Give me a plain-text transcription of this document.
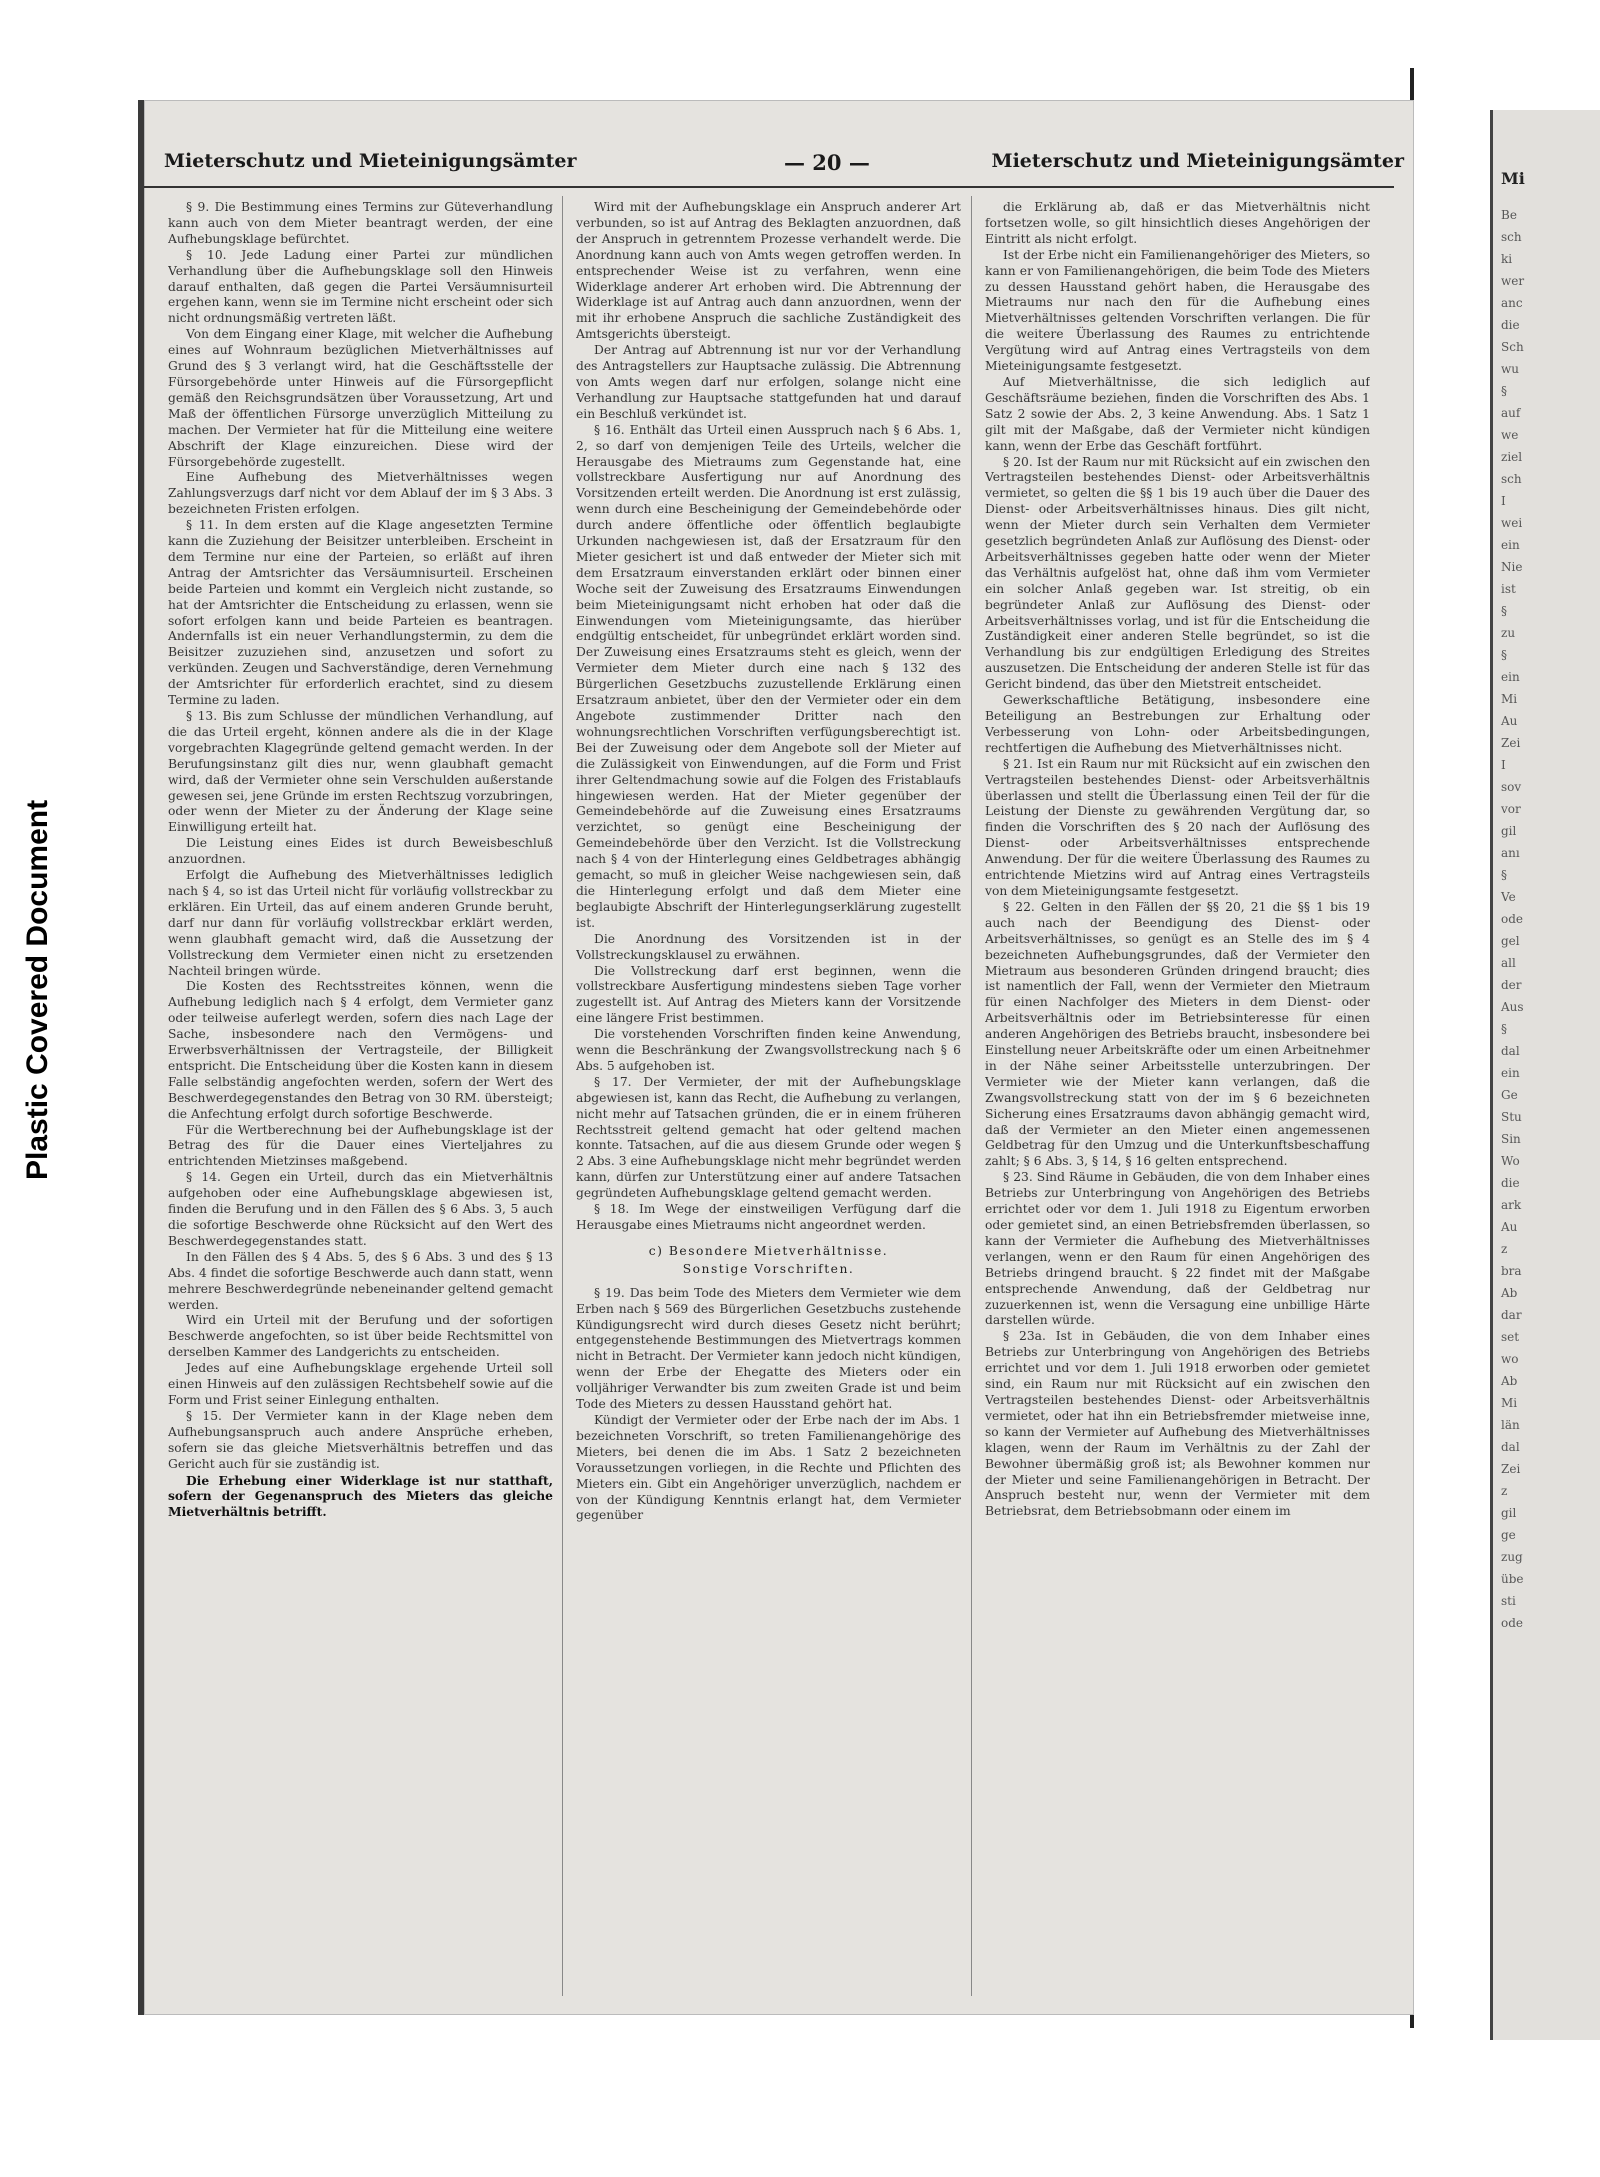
Plastic Covered Document
Mi
Be
sch
ki
wer
anc
die
Sch
wu
§
auf
we
ziel
sch
I
wei
ein
Nie
ist
§
zu
§
ein
Mi
Au
Zei
I
sov
vor
gil
anı
§
Ve
ode
gel
all
der
Aus
§
dal
ein
Ge
Stu
Sin
Wo
die
ark
Au
z
bra
Ab
dar
set
wo
Ab
Mi
län
dal
Zei
z
gil
ge
zug
übe
sti
ode
Mieterschutz und Mieteinigungsämter	— 20 —	Mieterschutz und Mieteinigungsämter

§ 9. Die Bestimmung eines Termins zur Güteverhandlung kann auch von dem Mieter beantragt werden, der eine Aufhebungsklage befürchtet.

§ 10. Jede Ladung einer Partei zur mündlichen Verhandlung über die Aufhebungsklage soll den Hinweis darauf enthalten, daß gegen die Partei Versäumnisurteil ergehen kann, wenn sie im Termine nicht erscheint oder sich nicht ordnungsmäßig vertreten läßt.

Von dem Eingang einer Klage, mit welcher die Aufhebung eines auf Wohnraum bezüglichen Mietverhältnisses auf Grund des § 3 verlangt wird, hat die Geschäftsstelle der Fürsorgebehörde unter Hinweis auf die Fürsorgepflicht gemäß den Reichsgrundsätzen über Voraussetzung, Art und Maß der öffentlichen Fürsorge unverzüglich Mitteilung zu machen. Der Vermieter hat für die Mitteilung eine weitere Abschrift der Klage einzureichen. Diese wird der Fürsorgebehörde zugestellt.

Eine Aufhebung des Mietverhältnisses wegen Zahlungsverzugs darf nicht vor dem Ablauf der im § 3 Abs. 3 bezeichneten Fristen erfolgen.

§ 11. In dem ersten auf die Klage angesetzten Termine kann die Zuziehung der Beisitzer unterbleiben. Erscheint in dem Termine nur eine der Parteien, so erläßt auf ihren Antrag der Amtsrichter das Versäumnisurteil. Erscheinen beide Parteien und kommt ein Vergleich nicht zustande, so hat der Amtsrichter die Entscheidung zu erlassen, wenn sie sofort erfolgen kann und beide Parteien es beantragen. Andernfalls ist ein neuer Verhandlungstermin, zu dem die Beisitzer zuzuziehen sind, anzusetzen und sofort zu verkünden. Zeugen und Sachverständige, deren Vernehmung der Amtsrichter für erforderlich erachtet, sind zu diesem Termine zu laden.

§ 13. Bis zum Schlusse der mündlichen Verhandlung, auf die das Urteil ergeht, können andere als die in der Klage vorgebrachten Klagegründe geltend gemacht werden. In der Berufungsinstanz gilt dies nur, wenn glaubhaft gemacht wird, daß der Vermieter ohne sein Verschulden außerstande gewesen sei, jene Gründe im ersten Rechtszug vorzubringen, oder wenn der Mieter zu der Änderung der Klage seine Einwilligung erteilt hat.

Die Leistung eines Eides ist durch Beweisbeschluß anzuordnen.

Erfolgt die Aufhebung des Mietverhältnisses lediglich nach § 4, so ist das Urteil nicht für vorläufig vollstreckbar zu erklären. Ein Urteil, das auf einem anderen Grunde beruht, darf nur dann für vorläufig vollstreckbar erklärt werden, wenn glaubhaft gemacht wird, daß die Aussetzung der Vollstreckung dem Vermieter einen nicht zu ersetzenden Nachteil bringen würde.

Die Kosten des Rechtsstreites können, wenn die Aufhebung lediglich nach § 4 erfolgt, dem Vermieter ganz oder teilweise auferlegt werden, sofern dies nach Lage der Sache, insbesondere nach den Vermögens- und Erwerbsverhältnissen der Vertragsteile, der Billigkeit entspricht. Die Entscheidung über die Kosten kann in diesem Falle selbständig angefochten werden, sofern der Wert des Beschwerdegegenstandes den Betrag von 30 RM. übersteigt; die Anfechtung erfolgt durch sofortige Beschwerde.

Für die Wertberechnung bei der Aufhebungsklage ist der Betrag des für die Dauer eines Vierteljahres zu entrichtenden Mietzinses maßgebend.

§ 14. Gegen ein Urteil, durch das ein Mietverhältnis aufgehoben oder eine Aufhebungsklage abgewiesen ist, finden die Berufung und in den Fällen des § 6 Abs. 3, 5 auch die sofortige Beschwerde ohne Rücksicht auf den Wert des Beschwerdegegenstandes statt.

In den Fällen des § 4 Abs. 5, des § 6 Abs. 3 und des § 13 Abs. 4 findet die sofortige Beschwerde auch dann statt, wenn mehrere Beschwerdegründe nebeneinander geltend gemacht werden.

Wird ein Urteil mit der Berufung und der sofortigen Beschwerde angefochten, so ist über beide Rechtsmittel von derselben Kammer des Landgerichts zu entscheiden.

Jedes auf eine Aufhebungsklage ergehende Urteil soll einen Hinweis auf den zulässigen Rechtsbehelf sowie auf die Form und Frist seiner Einlegung enthalten.

§ 15. Der Vermieter kann in der Klage neben dem Aufhebungsanspruch auch andere Ansprüche erheben, sofern sie das gleiche Mietsverhältnis betreffen und das Gericht auch für sie zuständig ist.

Die Erhebung einer Widerklage ist nur statthaft, sofern der Gegenanspruch des Mieters das gleiche Mietverhältnis betrifft.

Wird mit der Aufhebungsklage ein Anspruch anderer Art verbunden, so ist auf Antrag des Beklagten anzuordnen, daß der Anspruch in getrenntem Prozesse verhandelt werde. Die Anordnung kann auch von Amts wegen getroffen werden. In entsprechender Weise ist zu verfahren, wenn eine Widerklage anderer Art erhoben wird. Die Abtrennung der Widerklage ist auf Antrag auch dann anzuordnen, wenn der mit ihr erhobene Anspruch die sachliche Zuständigkeit des Amtsgerichts übersteigt.

Der Antrag auf Abtrennung ist nur vor der Verhandlung des Antragstellers zur Hauptsache zulässig. Die Abtrennung von Amts wegen darf nur erfolgen, solange nicht eine Verhandlung zur Hauptsache stattgefunden hat und darauf ein Beschluß verkündet ist.

§ 16. Enthält das Urteil einen Ausspruch nach § 6 Abs. 1, 2, so darf von demjenigen Teile des Urteils, welcher die Herausgabe des Mietraums zum Gegenstande hat, eine vollstreckbare Ausfertigung nur auf Anordnung des Vorsitzenden erteilt werden. Die Anordnung ist erst zulässig, wenn durch eine Bescheinigung der Gemeindebehörde oder durch andere öffentliche oder öffentlich beglaubigte Urkunden nachgewiesen ist, daß der Ersatzraum für den Mieter gesichert ist und daß entweder der Mieter sich mit dem Ersatzraum einverstanden erklärt oder binnen einer Woche seit der Zuweisung des Ersatzraums Einwendungen beim Mieteinigungsamt nicht erhoben hat oder daß die Einwendungen vom Mieteinigungsamte, das hierüber endgültig entscheidet, für unbegründet erklärt worden sind. Der Zuweisung eines Ersatzraums steht es gleich, wenn der Vermieter dem Mieter durch eine nach § 132 des Bürgerlichen Gesetzbuchs zuzustellende Erklärung einen Ersatzraum anbietet, über den der Vermieter oder ein dem Angebote zustimmender Dritter nach den wohnungsrechtlichen Vorschriften verfügungsberechtigt ist. Bei der Zuweisung oder dem Angebote soll der Mieter auf die Zulässigkeit von Einwendungen, auf die Form und Frist ihrer Geltendmachung sowie auf die Folgen des Fristablaufs hingewiesen werden. Hat der Mieter gegenüber der Gemeindebehörde auf die Zuweisung eines Ersatzraums verzichtet, so genügt eine Bescheinigung der Gemeindebehörde über den Verzicht. Ist die Vollstreckung nach § 4 von der Hinterlegung eines Geldbetrages abhängig gemacht, so muß in gleicher Weise nachgewiesen sein, daß die Hinterlegung erfolgt und daß dem Mieter eine beglaubigte Abschrift der Hinterlegungserklärung zugestellt ist.

Die Anordnung des Vorsitzenden ist in der Vollstreckungsklausel zu erwähnen.

Die Vollstreckung darf erst beginnen, wenn die vollstreckbare Ausfertigung mindestens sieben Tage vorher zugestellt ist. Auf Antrag des Mieters kann der Vorsitzende eine längere Frist bestimmen.

Die vorstehenden Vorschriften finden keine Anwendung, wenn die Beschränkung der Zwangsvollstreckung nach § 6 Abs. 5 aufgehoben ist.

§ 17. Der Vermieter, der mit der Aufhebungsklage abgewiesen ist, kann das Recht, die Aufhebung zu verlangen, nicht mehr auf Tatsachen gründen, die er in einem früheren Rechtsstreit geltend gemacht hat oder geltend machen konnte. Tatsachen, auf die aus diesem Grunde oder wegen § 2 Abs. 3 eine Aufhebungsklage nicht mehr begründet werden kann, dürfen zur Unterstützung einer auf andere Tatsachen gegründeten Aufhebungsklage geltend gemacht werden.

§ 18. Im Wege der einstweiligen Verfügung darf die Herausgabe eines Mietraums nicht angeordnet werden.

c) Besondere Mietverhältnisse.
Sonstige Vorschriften.

§ 19. Das beim Tode des Mieters dem Vermieter wie dem Erben nach § 569 des Bürgerlichen Gesetzbuchs zustehende Kündigungsrecht wird durch dieses Gesetz nicht berührt; entgegenstehende Bestimmungen des Mietvertrags kommen nicht in Betracht. Der Vermieter kann jedoch nicht kündigen, wenn der Erbe der Ehegatte des Mieters oder ein volljähriger Verwandter bis zum zweiten Grade ist und beim Tode des Mieters zu dessen Hausstand gehört hat.

Kündigt der Vermieter oder der Erbe nach der im Abs. 1 bezeichneten Vorschrift, so treten Familienangehörige des Mieters, bei denen die im Abs. 1 Satz 2 bezeichneten Voraussetzungen vorliegen, in die Rechte und Pflichten des Mieters ein. Gibt ein Angehöriger unverzüglich, nachdem er von der Kündigung Kenntnis erlangt hat, dem Vermieter gegenüber

die Erklärung ab, daß er das Mietverhältnis nicht fortsetzen wolle, so gilt hinsichtlich dieses Angehörigen der Eintritt als nicht erfolgt.

Ist der Erbe nicht ein Familienangehöriger des Mieters, so kann er von Familienangehörigen, die beim Tode des Mieters zu dessen Hausstand gehört haben, die Herausgabe des Mietraums nur nach den für die Aufhebung eines Mietverhältnisses geltenden Vorschriften verlangen. Die für die weitere Überlassung des Raumes zu entrichtende Vergütung wird auf Antrag eines Vertragsteils von dem Mieteinigungsamte festgesetzt.

Auf Mietverhältnisse, die sich lediglich auf Geschäftsräume beziehen, finden die Vorschriften des Abs. 1 Satz 2 sowie der Abs. 2, 3 keine Anwendung. Abs. 1 Satz 1 gilt mit der Maßgabe, daß der Vermieter nicht kündigen kann, wenn der Erbe das Geschäft fortführt.

§ 20. Ist der Raum nur mit Rücksicht auf ein zwischen den Vertragsteilen bestehendes Dienst- oder Arbeitsverhältnis vermietet, so gelten die §§ 1 bis 19 auch über die Dauer des Dienst- oder Arbeitsverhältnisses hinaus. Dies gilt nicht, wenn der Mieter durch sein Verhalten dem Vermieter gesetzlich begründeten Anlaß zur Auflösung des Dienst- oder Arbeitsverhältnisses gegeben hatte oder wenn der Mieter das Verhältnis aufgelöst hat, ohne daß ihm vom Vermieter ein solcher Anlaß gegeben war. Ist streitig, ob ein begründeter Anlaß zur Auflösung des Dienst- oder Arbeitsverhältnisses vorlag, und ist für die Entscheidung die Zuständigkeit einer anderen Stelle begründet, so ist die Verhandlung bis zur endgültigen Erledigung des Streites auszusetzen. Die Entscheidung der anderen Stelle ist für das Gericht bindend, das über den Mietstreit entscheidet.

Gewerkschaftliche Betätigung, insbesondere eine Beteiligung an Bestrebungen zur Erhaltung oder Verbesserung von Lohn- oder Arbeitsbedingungen, rechtfertigen die Aufhebung des Mietverhältnisses nicht.

§ 21. Ist ein Raum nur mit Rücksicht auf ein zwischen den Vertragsteilen bestehendes Dienst- oder Arbeitsverhältnis überlassen und stellt die Überlassung einen Teil der für die Leistung der Dienste zu gewährenden Vergütung dar, so finden die Vorschriften des § 20 nach der Auflösung des Dienst- oder Arbeitsverhältnisses entsprechende Anwendung. Der für die weitere Überlassung des Raumes zu entrichtende Mietzins wird auf Antrag eines Vertragsteils von dem Mieteinigungsamte festgesetzt.

§ 22. Gelten in den Fällen der §§ 20, 21 die §§ 1 bis 19 auch nach der Beendigung des Dienst- oder Arbeitsverhältnisses, so genügt es an Stelle des im § 4 bezeichneten Aufhebungsgrundes, daß der Vermieter den Mietraum aus besonderen Gründen dringend braucht; dies ist namentlich der Fall, wenn der Vermieter den Mietraum für einen Nachfolger des Mieters in dem Dienst- oder Arbeitsverhältnis oder im Betriebsinteresse für einen anderen Angehörigen des Betriebs braucht, insbesondere bei Einstellung neuer Arbeitskräfte oder um einen Arbeitnehmer in der Nähe seiner Arbeitsstelle unterzubringen. Der Vermieter wie der Mieter kann verlangen, daß die Zwangsvollstreckung statt von der im § 6 bezeichneten Sicherung eines Ersatzraums davon abhängig gemacht wird, daß der Vermieter an den Mieter einen angemessenen Geldbetrag für den Umzug und die Unterkunftsbeschaffung zahlt; § 6 Abs. 3, § 14, § 16 gelten entsprechend.

§ 23. Sind Räume in Gebäuden, die von dem Inhaber eines Betriebs zur Unterbringung von Angehörigen des Betriebs errichtet oder vor dem 1. Juli 1918 zu Eigentum erworben oder gemietet sind, an einen Betriebsfremden überlassen, so kann der Vermieter die Aufhebung des Mietverhältnisses verlangen, wenn er den Raum für einen Angehörigen des Betriebs dringend braucht. § 22 findet mit der Maßgabe entsprechende Anwendung, daß der Geldbetrag nur zuzuerkennen ist, wenn die Versagung eine unbillige Härte darstellen würde.

§ 23a. Ist in Gebäuden, die von dem Inhaber eines Betriebs zur Unterbringung von Angehörigen des Betriebs errichtet und vor dem 1. Juli 1918 erworben oder gemietet sind, ein Raum nur mit Rücksicht auf ein zwischen den Vertragsteilen bestehendes Dienst- oder Arbeitsverhältnis vermietet, oder hat ihn ein Betriebsfremder mietweise inne, so kann der Vermieter auf Aufhebung des Mietverhältnisses klagen, wenn der Raum im Verhältnis zu der Zahl der Bewohner übermäßig groß ist; als Bewohner kommen nur der Mieter und seine Familienangehörigen in Betracht. Der Anspruch besteht nur, wenn der Vermieter mit dem Betriebsrat, dem Betriebsobmann oder einem im
